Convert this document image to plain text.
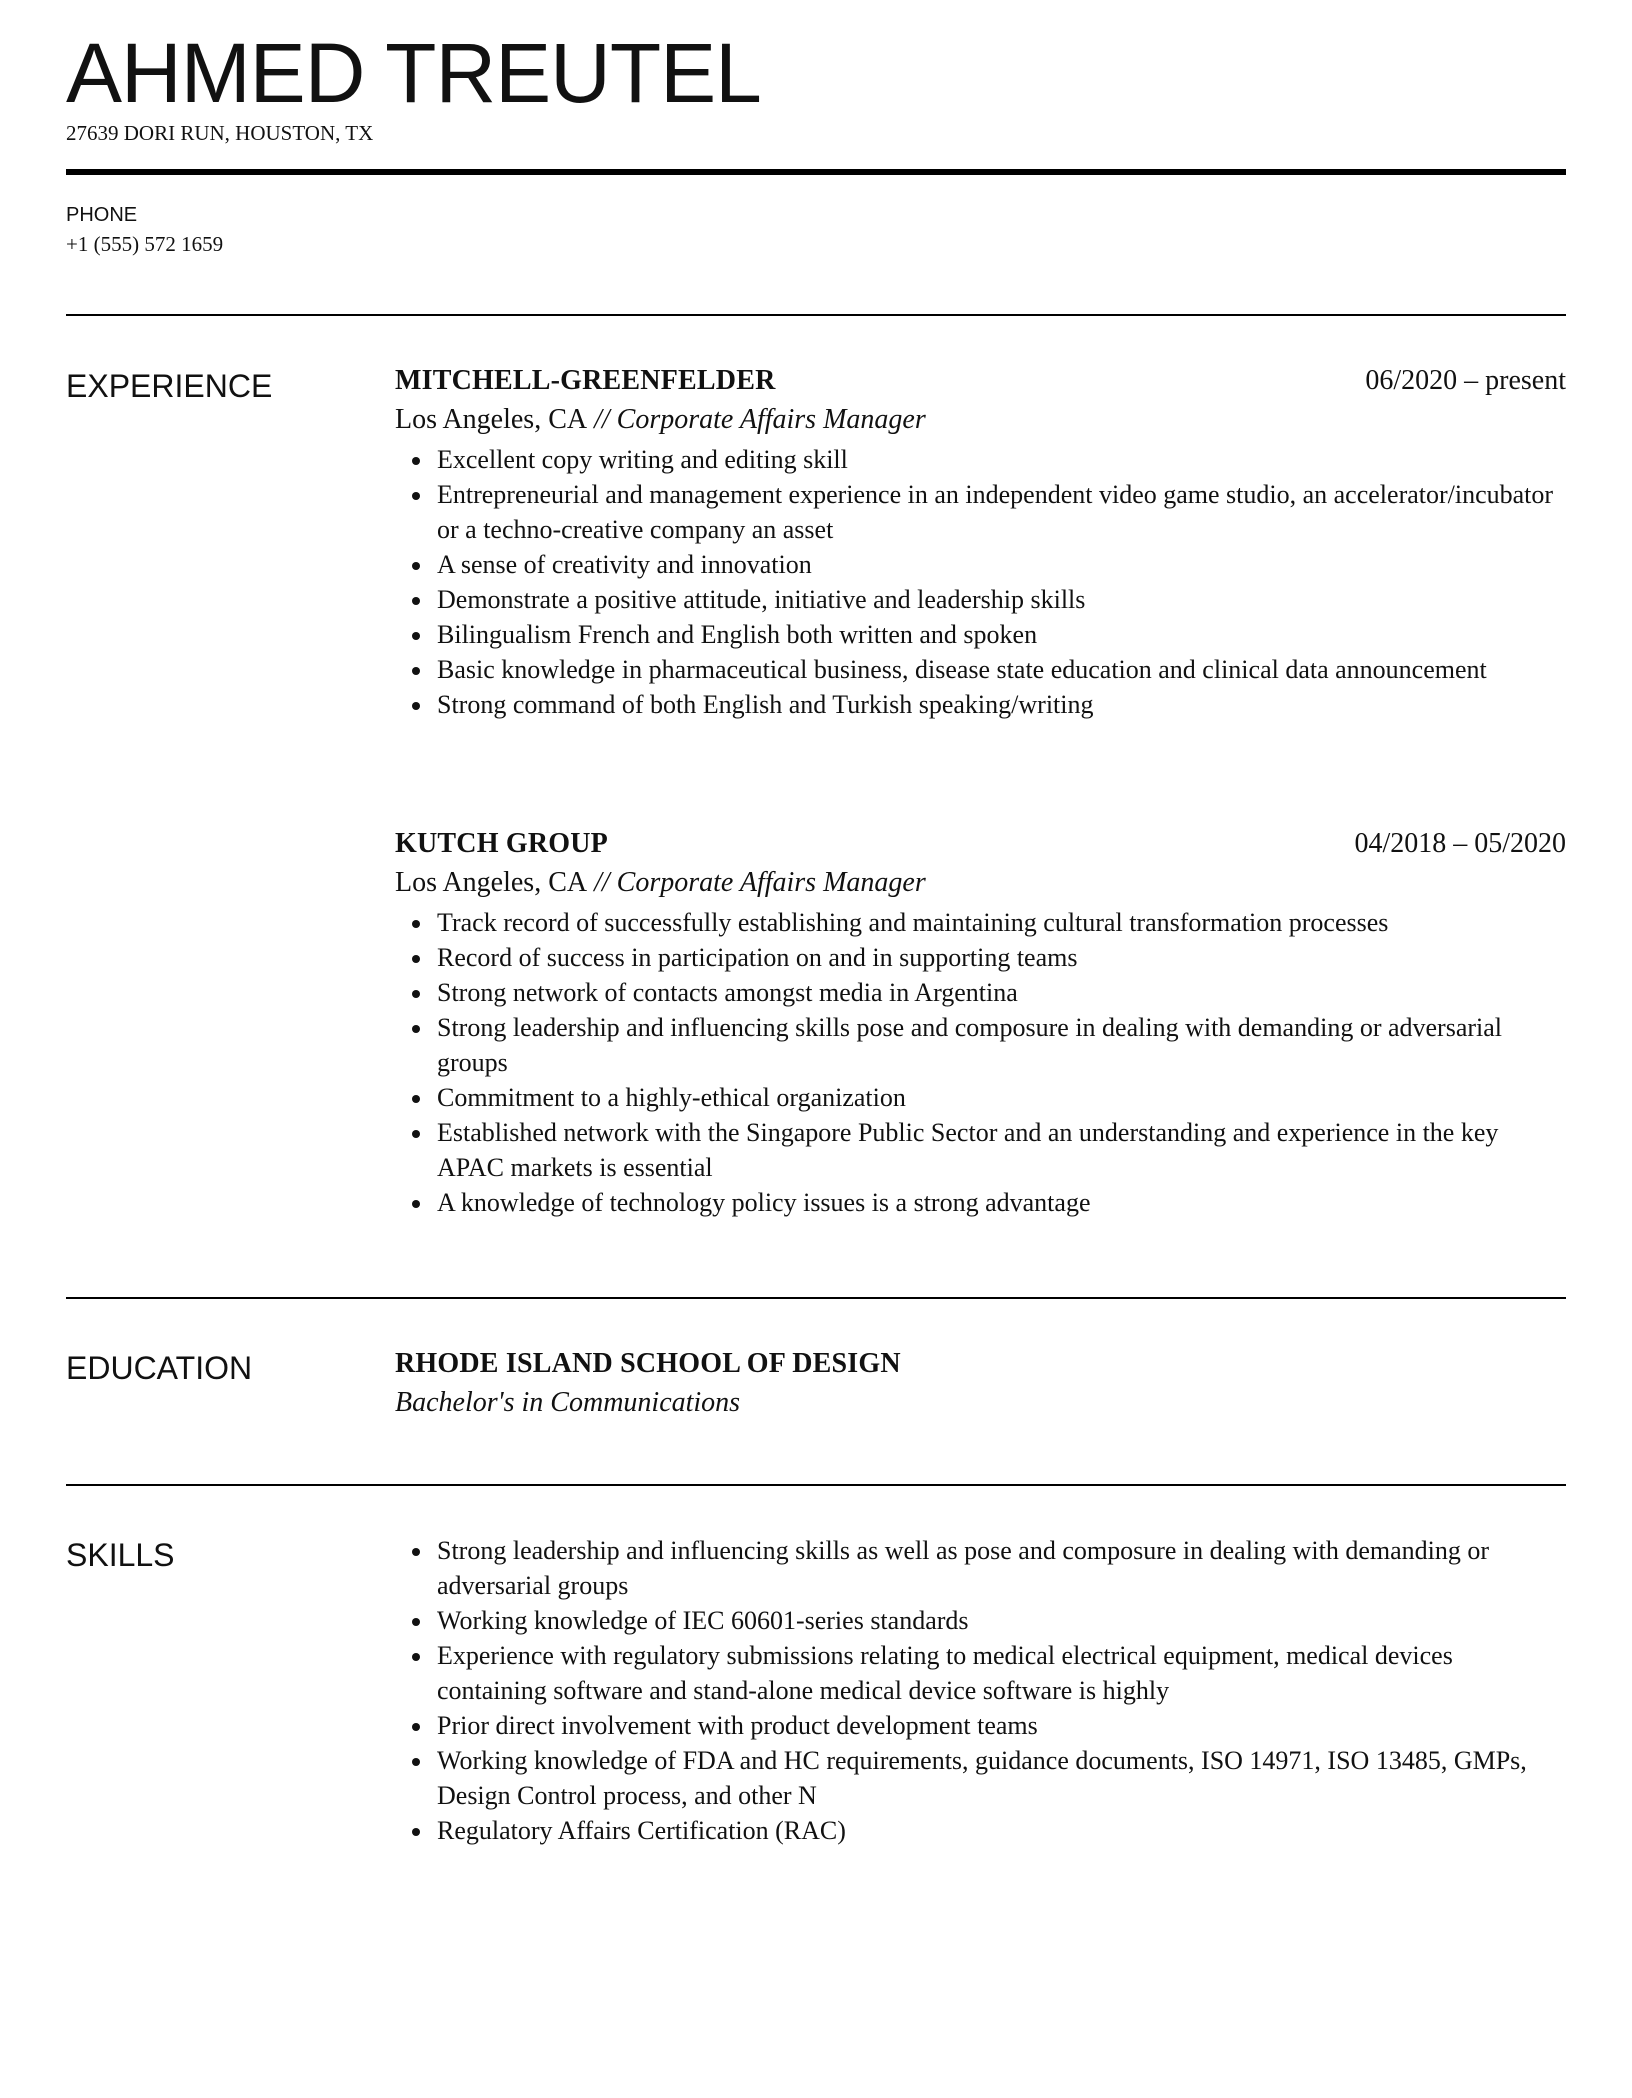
AHMED TREUTEL
27639 DORI RUN, HOUSTON, TX
PHONE
+1 (555) 572 1659
EXPERIENCE	MITCHELL-GREENFELDER	06/2020 – present
Los Angeles, CA // Corporate Affairs Manager
Excellent copy writing and editing skill
Entrepreneurial and management experience in an independent video game studio, an accelerator/incubator or a techno-creative company an asset
A sense of creativity and innovation
Demonstrate a positive attitude, initiative and leadership skills
Bilingualism French and English both written and spoken
Basic knowledge in pharmaceutical business, disease state education and clinical data announcement
Strong command of both English and Turkish speaking/writing
KUTCH GROUP	04/2018 – 05/2020
Los Angeles, CA // Corporate Affairs Manager
Track record of successfully establishing and maintaining cultural transformation processes
Record of success in participation on and in supporting teams
Strong network of contacts amongst media in Argentina
Strong leadership and influencing skills pose and composure in dealing with demanding or adversarial groups
Commitment to a highly-ethical organization
Established network with the Singapore Public Sector and an understanding and experience in the key APAC markets is essential
A knowledge of technology policy issues is a strong advantage
EDUCATION	RHODE ISLAND SCHOOL OF DESIGN
Bachelor's in Communications
SKILLS	Strong leadership and influencing skills as well as pose and composure in dealing with demanding or adversarial groups
Working knowledge of IEC 60601-series standards
Experience with regulatory submissions relating to medical electrical equipment, medical devices containing software and stand-alone medical device software is highly
Prior direct involvement with product development teams
Working knowledge of FDA and HC requirements, guidance documents, ISO 14971, ISO 13485, GMPs, Design Control process, and other N
Regulatory Affairs Certification (RAC)
